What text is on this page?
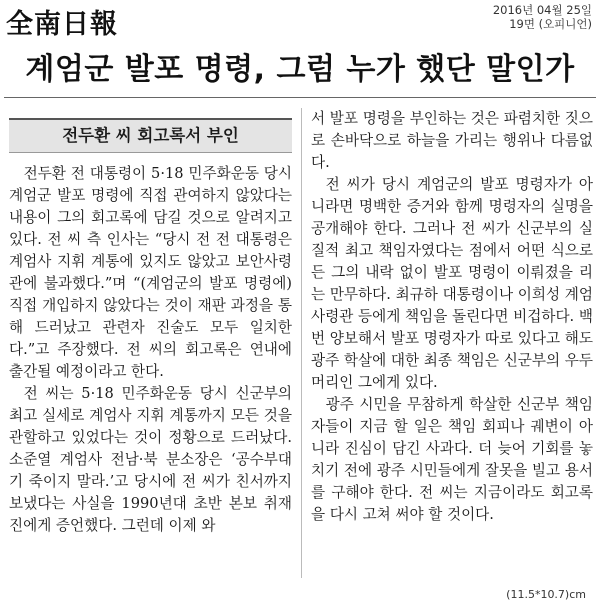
全南日報	2016년 04월 25일
19면 (오피니언)
계엄군 발포 명령, 그럼 누가 했단 말인가
전두환 씨 회고록서 부인

전두환 전 대통령이 5·18 민주화운동 당시 계엄군 발포 명령에 직접 관여하지 않았다는 내용이 그의 회고록에 담길 것으로 알려지고 있다. 전 씨 측 인사는 “당시 전 전 대통령은 계엄사 지휘 계통에 있지도 않았고 보안사령관에 불과했다.”며 “(계엄군의 발포 명령에) 직접 개입하지 않았다는 것이 재판 과정을 통해 드러났고 관련자 진술도 모두 일치한다.”고 주장했다. 전 씨의 회고록은 연내에 출간될 예정이라고 한다.

전 씨는 5·18 민주화운동 당시 신군부의 최고 실세로 계엄사 지휘 계통까지 모든 것을 관할하고 있었다는 것이 정황으로 드러났다. 소준열 계엄사 전남·북 분소장은 ‘공수부대 기 죽이지 말라.’고 당시에 전 씨가 친서까지 보냈다는 사실을 1990년대 초반 본보 취재진에게 증언했다. 그런데 이제 와

서 발포 명령을 부인하는 것은 파렴치한 짓으로 손바닥으로 하늘을 가리는 행위나 다름없다.

전 씨가 당시 계엄군의 발포 명령자가 아니라면 명백한 증거와 함께 명령자의 실명을 공개해야 한다. 그러나 전 씨가 신군부의 실질적 최고 책임자였다는 점에서 어떤 식으로든 그의 내락 없이 발포 명령이 이뤄졌을 리는 만무하다. 최규하 대통령이나 이희성 계엄사령관 등에게 책임을 돌린다면 비겁하다. 백 번 양보해서 발포 명령자가 따로 있다고 해도 광주 학살에 대한 최종 책임은 신군부의 우두머리인 그에게 있다.

광주 시민을 무참하게 학살한 신군부 책임자들이 지금 할 일은 책임 회피나 궤변이 아니라 진심이 담긴 사과다. 더 늦어 기회를 놓치기 전에 광주 시민들에게 잘못을 빌고 용서를 구해야 한다. 전 씨는 지금이라도 회고록을 다시 고쳐 써야 할 것이다.

(11.5*10.7)cm
